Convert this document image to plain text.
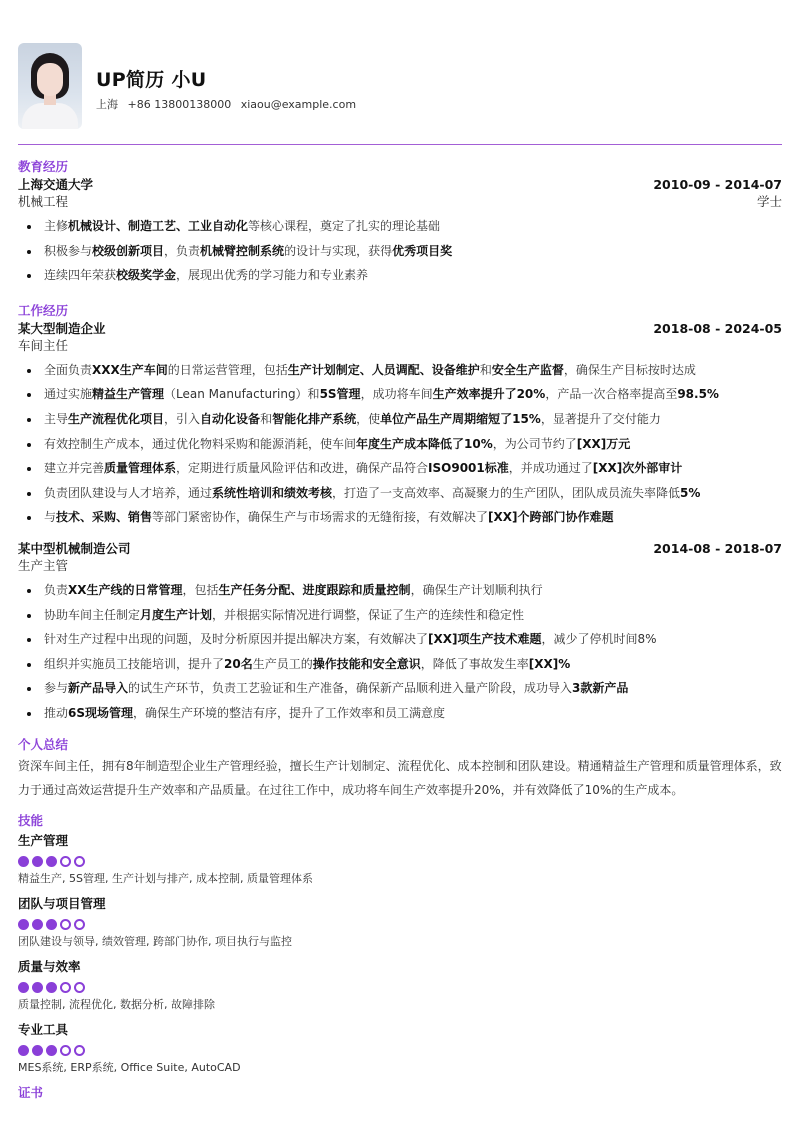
UP简历 小U
上海 +86 13800138000 xiaou@example.com
教育经历
上海交通大学	2010-09 - 2014-07
机械工程	学士
主修机械设计、制造工艺、工业自动化等核心课程，奠定了扎实的理论基础
积极参与校级创新项目，负责机械臂控制系统的设计与实现，获得优秀项目奖
连续四年荣获校级奖学金，展现出优秀的学习能力和专业素养
工作经历
某大型制造企业	2018-08 - 2024-05
车间主任
全面负责XXX生产车间的日常运营管理，包括生产计划制定、人员调配、设备维护和安全生产监督，确保生产目标按时达成
通过实施精益生产管理（Lean Manufacturing）和5S管理，成功将车间生产效率提升了20%，产品一次合格率提高至98.5%
主导生产流程优化项目，引入自动化设备和智能化排产系统，使单位产品生产周期缩短了15%，显著提升了交付能力
有效控制生产成本，通过优化物料采购和能源消耗，使车间年度生产成本降低了10%，为公司节约了[XX]万元
建立并完善质量管理体系，定期进行质量风险评估和改进，确保产品符合ISO9001标准，并成功通过了[XX]次外部审计
负责团队建设与人才培养，通过系统性培训和绩效考核，打造了一支高效率、高凝聚力的生产团队，团队成员流失率降低5%
与技术、采购、销售等部门紧密协作，确保生产与市场需求的无缝衔接，有效解决了[XX]个跨部门协作难题
某中型机械制造公司	2014-08 - 2018-07
生产主管
负责XX生产线的日常管理，包括生产任务分配、进度跟踪和质量控制，确保生产计划顺利执行
协助车间主任制定月度生产计划，并根据实际情况进行调整，保证了生产的连续性和稳定性
针对生产过程中出现的问题，及时分析原因并提出解决方案，有效解决了[XX]项生产技术难题，减少了停机时间8%
组织并实施员工技能培训，提升了20名生产员工的操作技能和安全意识，降低了事故发生率[XX]%
参与新产品导入的试生产环节，负责工艺验证和生产准备，确保新产品顺利进入量产阶段，成功导入3款新产品
推动6S现场管理，确保生产环境的整洁有序，提升了工作效率和员工满意度
个人总结

资深车间主任，拥有8年制造型企业生产管理经验，擅长生产计划制定、流程优化、成本控制和团队建设。精通精益生产管理和质量管理体系，致力于通过高效运营提升生产效率和产品质量。在过往工作中，成功将车间生产效率提升20%，并有效降低了10%的生产成本。

技能
生产管理
精益生产, 5S管理, 生产计划与排产, 成本控制, 质量管理体系
团队与项目管理
团队建设与领导, 绩效管理, 跨部门协作, 项目执行与监控
质量与效率
质量控制, 流程优化, 数据分析, 故障排除
专业工具
MES系统, ERP系统, Office Suite, AutoCAD
证书
